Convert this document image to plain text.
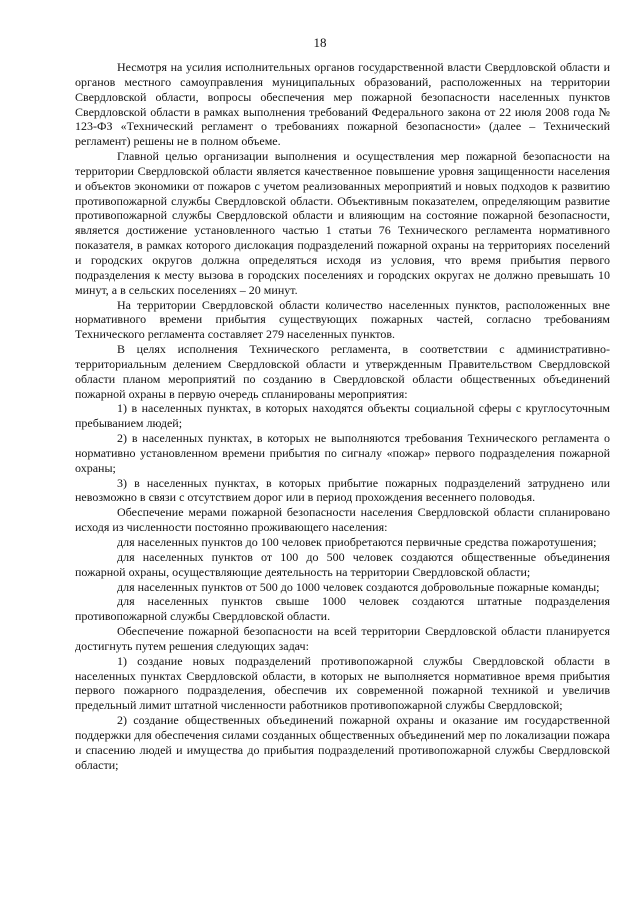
18

Несмотря на усилия исполнительных органов государственной власти Свердловской области и органов местного самоуправления муниципальных образований, расположенных на территории Свердловской области, вопросы обеспечения мер пожарной безопасности населенных пунктов Свердловской области в рамках выполнения требований Федерального закона от 22 июля 2008 года № 123-ФЗ «Технический регламент о требованиях пожарной безопасности» (далее – Технический регламент) решены не в полном объеме.

Главной целью организации выполнения и осуществления мер пожарной безопасности на территории Свердловской области является качественное повышение уровня защищенности населения и объектов экономики от пожаров с учетом реализованных мероприятий и новых подходов к развитию противопожарной службы Свердловской области. Объективным показателем, определяющим развитие противопожарной службы Свердловской области и влияющим на состояние пожарной безопасности, является достижение установленного частью 1 статьи 76 Технического регламента нормативного показателя, в рамках которого дислокация подразделений пожарной охраны на территориях поселений и городских округов должна определяться исходя из условия, что время прибытия первого подразделения к месту вызова в городских поселениях и городских округах не должно превышать 10 минут, а в сельских поселениях – 20 минут.

На территории Свердловской области количество населенных пунктов, расположенных вне нормативного времени прибытия существующих пожарных частей, согласно требованиям Технического регламента составляет 279 населенных пунктов.

В целях исполнения Технического регламента, в соответствии с административно-территориальным делением Свердловской области и утвержденным Правительством Свердловской области планом мероприятий по созданию в Свердловской области общественных объединений пожарной охраны в первую очередь спланированы мероприятия:

1) в населенных пунктах, в которых находятся объекты социальной сферы с круглосуточным пребыванием людей;

2) в населенных пунктах, в которых не выполняются требования Технического регламента о нормативно установленном времени прибытия по сигналу «пожар» первого подразделения пожарной охраны;

3) в населенных пунктах, в которых прибытие пожарных подразделений затруднено или невозможно в связи с отсутствием дорог или в период прохождения весеннего половодья.

Обеспечение мерами пожарной безопасности населения Свердловской области спланировано исходя из численности постоянно проживающего населения:

для населенных пунктов до 100 человек приобретаются первичные средства пожаротушения;

для населенных пунктов от 100 до 500 человек создаются общественные объединения пожарной охраны, осуществляющие деятельность на территории Свердловской области;

для населенных пунктов от 500 до 1000 человек создаются добровольные пожарные команды;

для населенных пунктов свыше 1000 человек создаются штатные подразделения противопожарной службы Свердловской области.

Обеспечение пожарной безопасности на всей территории Свердловской области планируется достигнуть путем решения следующих задач:

1) создание новых подразделений противопожарной службы Свердловской области в населенных пунктах Свердловской области, в которых не выполняется нормативное время прибытия первого пожарного подразделения, обеспечив их современной пожарной техникой и увеличив предельный лимит штатной численности работников противопожарной службы Свердловской;

2) создание общественных объединений пожарной охраны и оказание им государственной поддержки для обеспечения силами созданных общественных объединений мер по локализации пожара и спасению людей и имущества до прибытия подразделений противопожарной службы Свердловской области;
